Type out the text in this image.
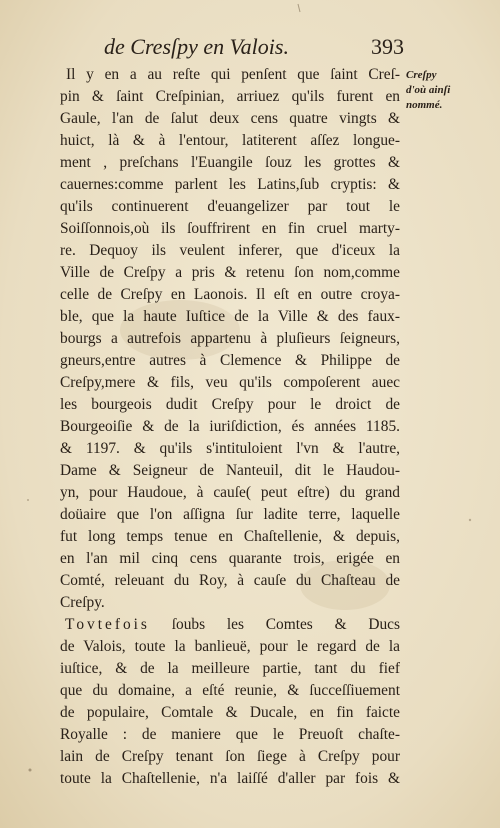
de Cresſpy en Valois.	393
Il y en a au reſte qui penſent que ſaint Creſ-
pin & ſaint Creſpinian, arriuez qu'ils furent en
Gaule, l'an de ſalut deux cens quatre vingts &
huict, là & à l'entour, latiterent aſſez longue-
ment , preſchans l'Euangile ſouz les grottes &
cauernes:comme parlent les Latins,ſub cryptis: &
qu'ils continuerent d'euangelizer par tout le
Soiſſonnois,où ils ſouffrirent en fin cruel marty-
re. Dequoy ils veulent inferer, que d'iceux la
Ville de Creſpy a pris & retenu ſon nom,comme
celle de Creſpy en Laonois. Il eſt en outre croya-
ble, que la haute Iuſtice de la Ville & des faux-
bourgs a autrefois appartenu à pluſieurs ſeigneurs,
gneurs,entre autres à Clemence & Philippe de
Creſpy,mere & fils, veu qu'ils compoſerent auec
les bourgeois dudit Creſpy pour le droict de
Bourgeoiſie & de la iuriſdiction, és années 1185.
& 1197. & qu'ils s'intituloient l'vn & l'autre,
Dame & Seigneur de Nanteuil, dit le Haudou-
yn, pour Haudoue, à cauſe( peut eſtre) du grand
doüaire que l'on aſſigna ſur ladite terre, laquelle
fut long temps tenue en Chaſtellenie, & depuis,
en l'an mil cinq cens quarante trois, erigée en
Comté, releuant du Roy, à cauſe du Chaſteau de
Creſpy.
Tovtefois ſoubs les Comtes & Ducs
de Valois, toute la banlieuë, pour le regard de la
iuſtice, & de la meilleure partie, tant du fief
que du domaine, a eſté reunie, & ſucceſſiuement
de populaire, Comtale & Ducale, en fin faicte
Royalle : de maniere que le Preuoſt chaſte-
lain de Creſpy tenant ſon ſiege à Creſpy pour
toute la Chaſtellenie, n'a laiſſé d'aller par fois &
Creſpy
d'où ainſi
nommé.
